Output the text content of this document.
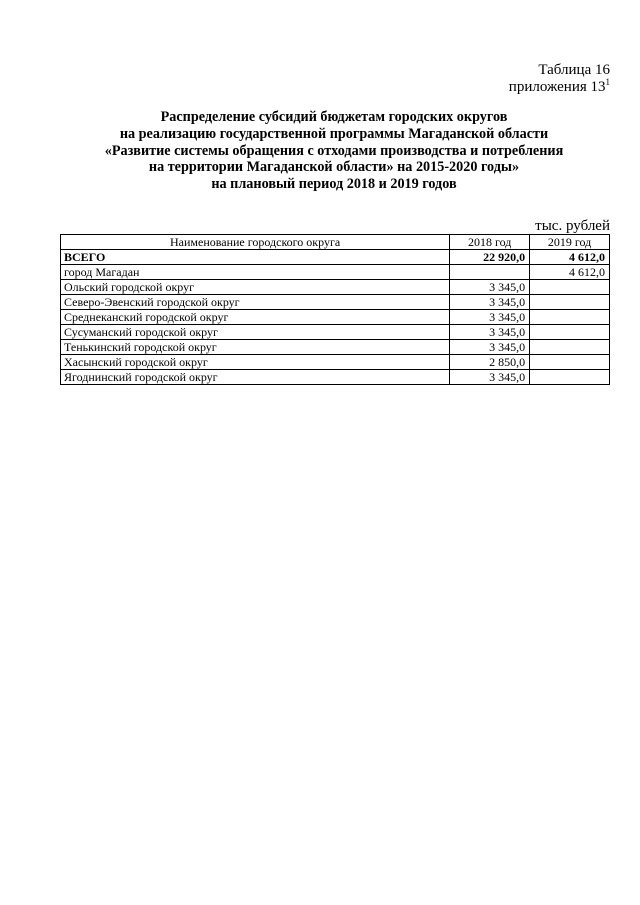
Таблица 16
приложения $13^1$
Распределение субсидий бюджетам городских округов
на реализацию государственной программы Магаданской области
«Развитие системы обращения с отходами производства и потребления
на территории Магаданской области» на 2015-2020 годы»
на плановый период 2018 и 2019 годов
тыс. рублей
Наименование городского округа	2018 год	2019 год
ВСЕГО	22 920,0	4 612,0
город Магадан		4 612,0
Ольский городской округ	3 345,0	
Северо-Эвенский городской округ	3 345,0	
Среднеканский городской округ	3 345,0	
Сусуманский городской округ	3 345,0	
Тенькинский городской округ	3 345,0	
Хасынский городской округ	2 850,0	
Ягоднинский городской округ	3 345,0	
